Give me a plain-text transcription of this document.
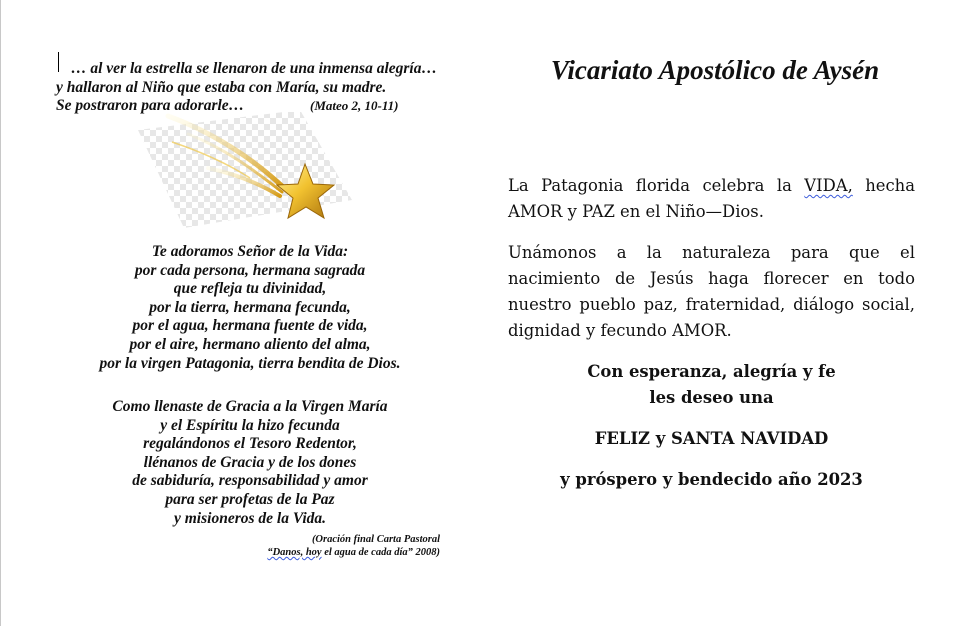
… al ver la estrella se llenaron de una inmensa alegría…
y hallaron al Niño que estaba con María, su madre.
Se postraron para adorarle…	(Mateo 2, 10-11)
Te adoramos Señor de la Vida:
por cada persona, hermana sagrada
que refleja tu divinidad,
por la tierra, hermana fecunda,
por el agua, hermana fuente de vida,
por el aire, hermano aliento del alma,
por la virgen Patagonia, tierra bendita de Dios.
Como llenaste de Gracia a la Virgen María
y el Espíritu la hizo fecunda
regalándonos el Tesoro Redentor,
llénanos de Gracia y de los dones
de sabiduría, responsabilidad y amor
para ser profetas de la Paz
y misioneros de la Vida.
(Oración final Carta Pastoral
“Danos, hoy el agua de cada día” 2008)
Vicariato Apostólico de Aysén
La Patagonia florida celebra la VIDA, hecha AMOR y PAZ en el Niño—Dios.
Unámonos a la naturaleza para que el nacimiento de Jesús haga florecer en todo nuestro pueblo paz, fraternidad, diálogo social, dignidad y fecundo AMOR.
Con esperanza, alegría y fe
les deseo una
FELIZ y SANTA NAVIDAD
y próspero y bendecido año 2023
